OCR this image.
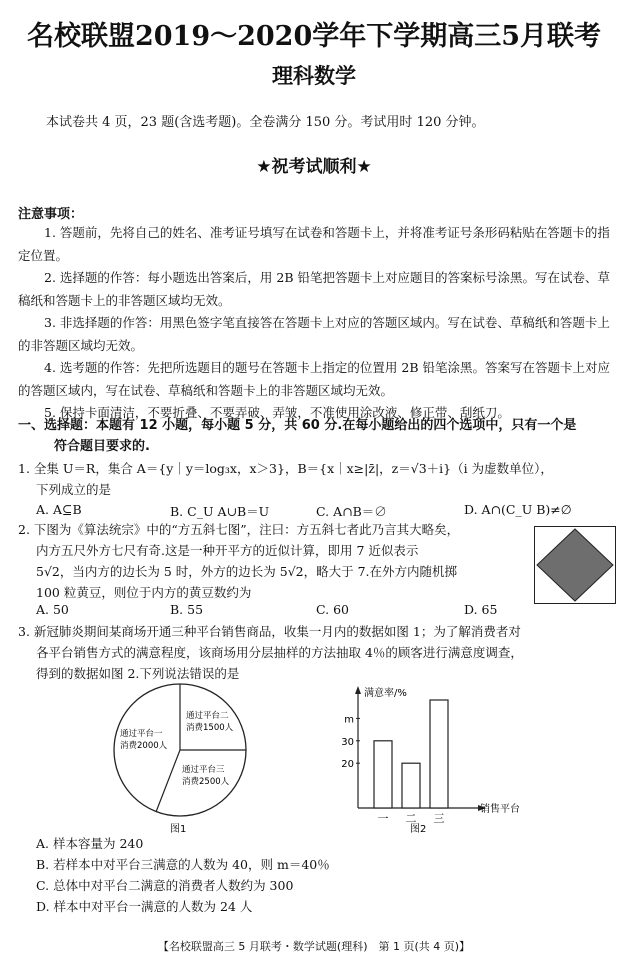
名校联盟2019～2020学年下学期高三5月联考
理科数学
本试卷共 4 页，23 题(含选考题)。全卷满分 150 分。考试用时 120 分钟。
★祝考试顺利★
注意事项：

1. 答题前，先将自己的姓名、准考证号填写在试卷和答题卡上，并将准考证号条形码粘贴在答题卡的指定位置。

2. 选择题的作答：每小题选出答案后，用 2B 铅笔把答题卡上对应题目的答案标号涂黑。写在试卷、草稿纸和答题卡上的非答题区域均无效。

3. 非选择题的作答：用黑色签字笔直接答在答题卡上对应的答题区域内。写在试卷、草稿纸和答题卡上的非答题区域均无效。

4. 选考题的作答：先把所选题目的题号在答题卡上指定的位置用 2B 铅笔涂黑。答案写在答题卡上对应的答题区域内，写在试卷、草稿纸和答题卡上的非答题区域均无效。

5. 保持卡面清洁，不要折叠、不要弄破、弄皱，不准使用涂改液、修正带、刮纸刀。

一、选择题：本题有 12 小题，每小题 5 分，共 60 分.在每小题给出的四个选项中，只有一个是
符合题目要求的.
1. 全集 U＝R，集合 A＝{y｜y＝log₃x，x＞3}，B＝{x｜x≥|z̄|，z＝√3＋i}（i 为虚数单位），
下列成立的是
A. A⊆B	B. C_U A∪B＝U	C. A∩B＝∅	D. A∩(C_U B)≠∅
2. 下图为《算法统宗》中的“方五斜七图”，注曰：方五斜七者此乃言其大略矣，
内方五尺外方七尺有奇.这是一种开平方的近似计算，即用 7 近似表示
5√2，当内方的边长为 5 时，外方的边长为 5√2，略大于 7.在外方内随机掷
100 粒黄豆，则位于内方的黄豆数约为
A. 50	B. 55	C. 60	D. 65
3. 新冠肺炎期间某商场开通三种平台销售商品，收集一月内的数据如图 1；为了解消费者对
各平台销售方式的满意程度，该商场用分层抽样的方法抽取 4％的顾客进行满意度调查，
得到的数据如图 2.下列说法错误的是
通过平台一
消费2000人
通过平台二
消费1500人
通过平台三
消费2500人
图1
满意率/%
销售平台
图2
一 二 三
m
30
20
A. 样本容量为 240
B. 若样本中对平台三满意的人数为 40，则 m＝40％
C. 总体中对平台二满意的消费者人数约为 300
D. 样本中对平台一满意的人数为 24 人
【名校联盟高三 5 月联考・数学试题(理科)　第 1 页(共 4 页)】
